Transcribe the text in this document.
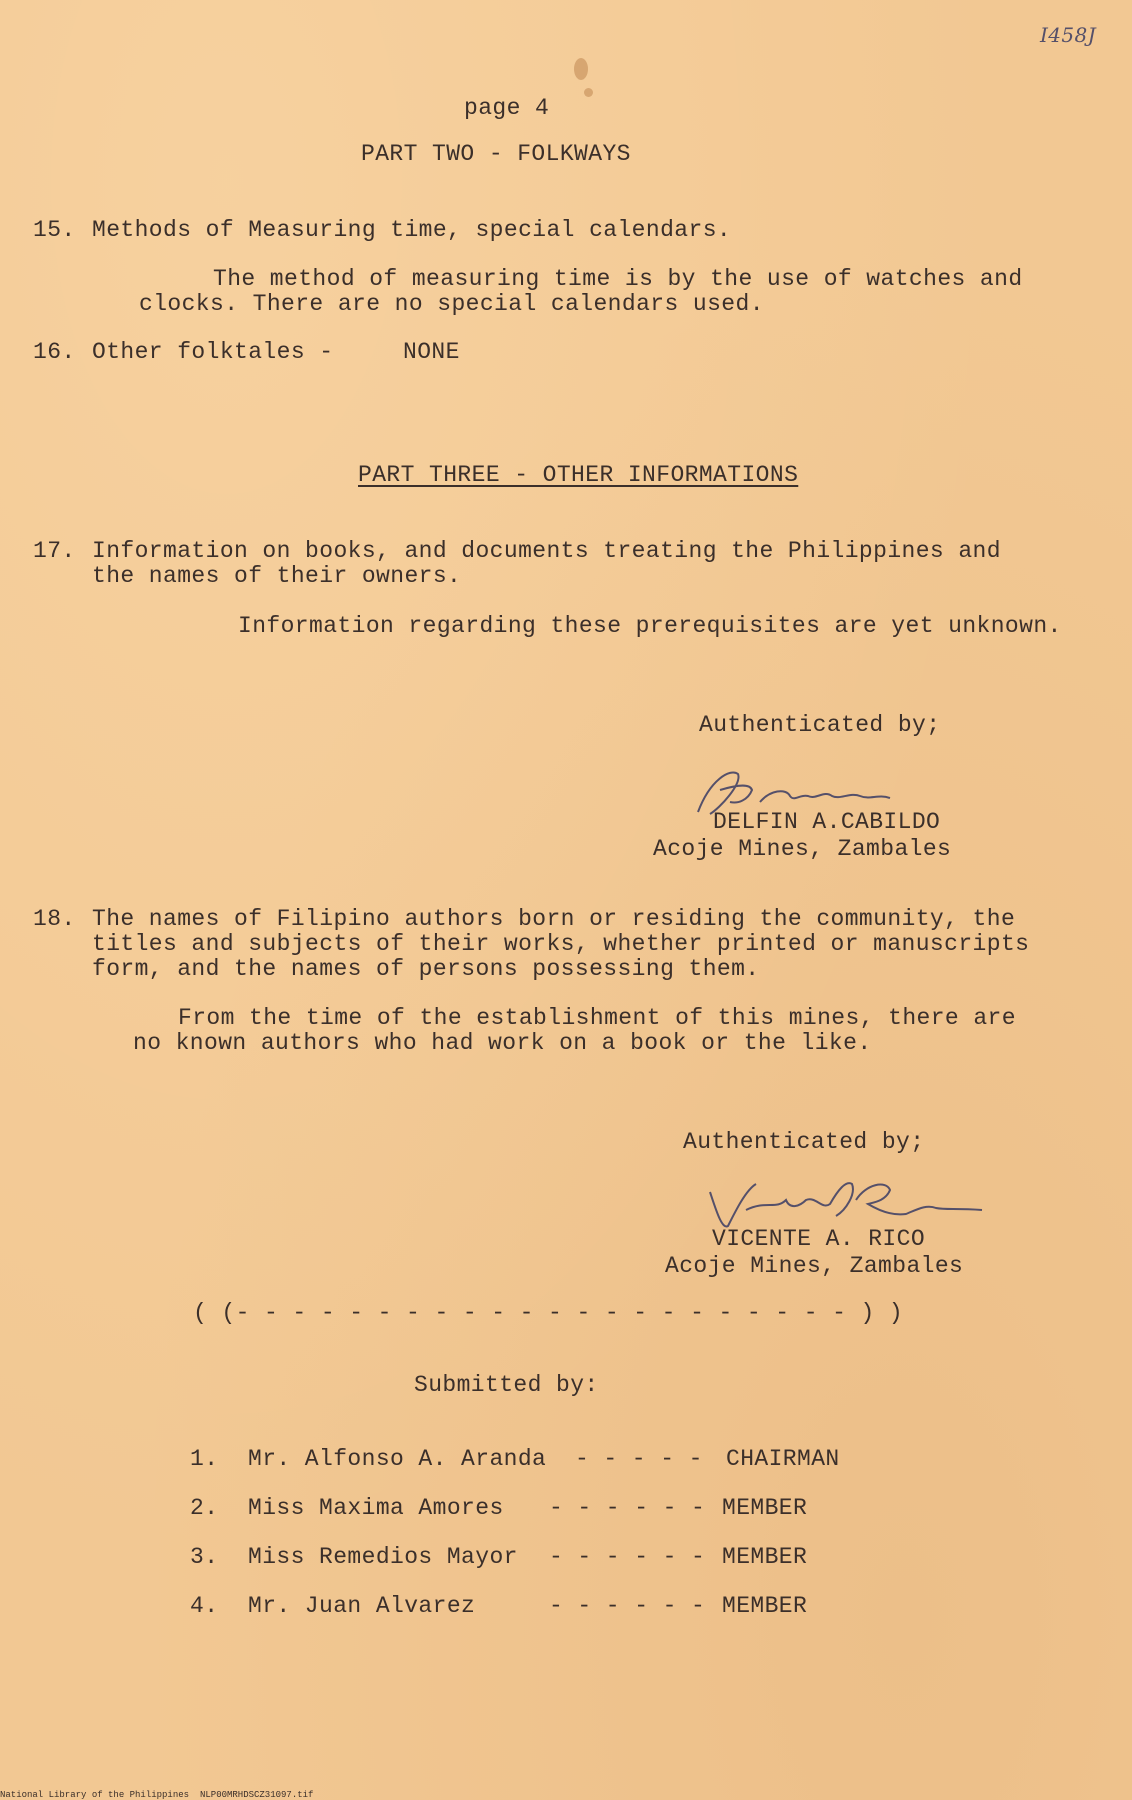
I458J
page 4
PART TWO - FOLKWAYS
15. Methods of Measuring time, special calendars.
The method of measuring time is by the use of watches and
clocks. There are no special calendars used.
16. Other folktales -	NONE
PART THREE - OTHER INFORMATIONS
17. Information on books, and documents treating the Philippines and
the names of their owners.
Information regarding these prerequisites are yet unknown.
Authenticated by;
DELFIN A.CABILDO
Acoje Mines, Zambales
18. The names of Filipino authors born or residing the community, the
titles and subjects of their works, whether printed or manuscripts
form, and the names of persons possessing them.
From the time of the establishment of this mines, there are
no known authors who had work on a book or the like.
Authenticated by;
VICENTE A. RICO
Acoje Mines, Zambales
( (- - - - - - - - - - - - - - - - - - - - - - ) )
Submitted by:
1. Mr. Alfonso A. Aranda - - - - - CHAIRMAN
2. Miss Maxima Amores - - - - - - MEMBER
3. Miss Remedios Mayor - - - - - - MEMBER
4. Mr. Juan Alvarez	- - - - - - MEMBER
National Library of the Philippines NLP00MRHDSCZ31097.tif
